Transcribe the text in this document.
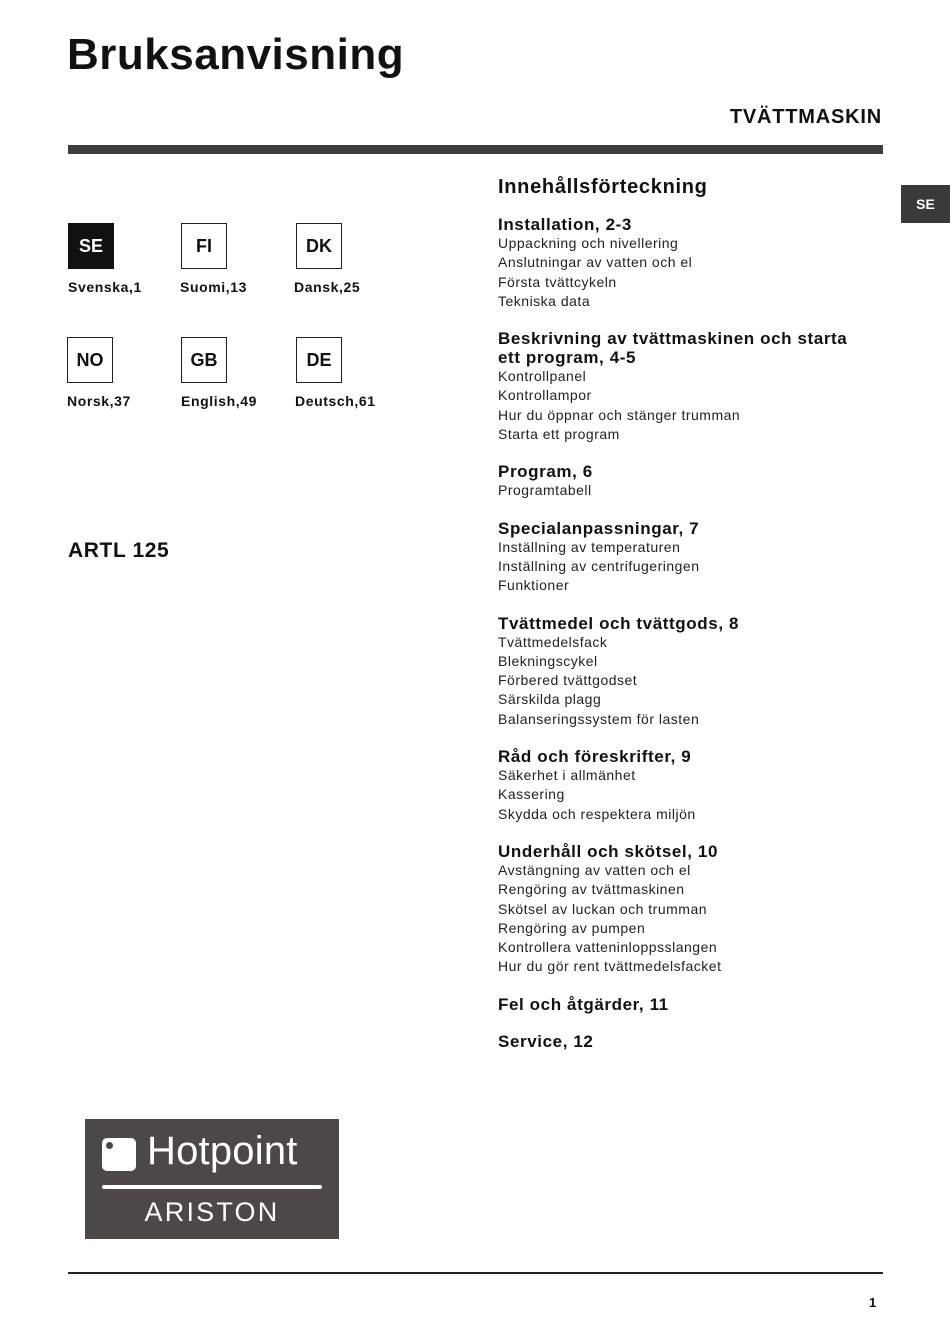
Bruksanvisning
TVÄTTMASKIN
SE
SE
Svenska,1
FI
Suomi,13
DK
Dansk,25
NO
Norsk,37
GB
English,49
DE
Deutsch,61
ARTL 125
Innehållsförteckning
Installation, 2-3
Uppackning och nivellering
Anslutningar av vatten och el
Första tvättcykeln
Tekniska data
Beskrivning av tvättmaskinen och starta ett program, 4-5
Kontrollpanel
Kontrollampor
Hur du öppnar och stänger trumman
Starta ett program
Program, 6
Programtabell
Specialanpassningar, 7
Inställning av temperaturen
Inställning av centrifugeringen
Funktioner
Tvättmedel och tvättgods, 8
Tvättmedelsfack
Blekningscykel
Förbered tvättgodset
Särskilda plagg
Balanseringssystem för lasten
Råd och föreskrifter, 9
Säkerhet i allmänhet
Kassering
Skydda och respektera miljön
Underhåll och skötsel, 10
Avstängning av vatten och el
Rengöring av tvättmaskinen
Skötsel av luckan och trumman
Rengöring av pumpen
Kontrollera vatteninloppsslangen
Hur du gör rent tvättmedelsfacket
Fel och åtgärder, 11
Service, 12
Hotpoint
ARISTON
1
